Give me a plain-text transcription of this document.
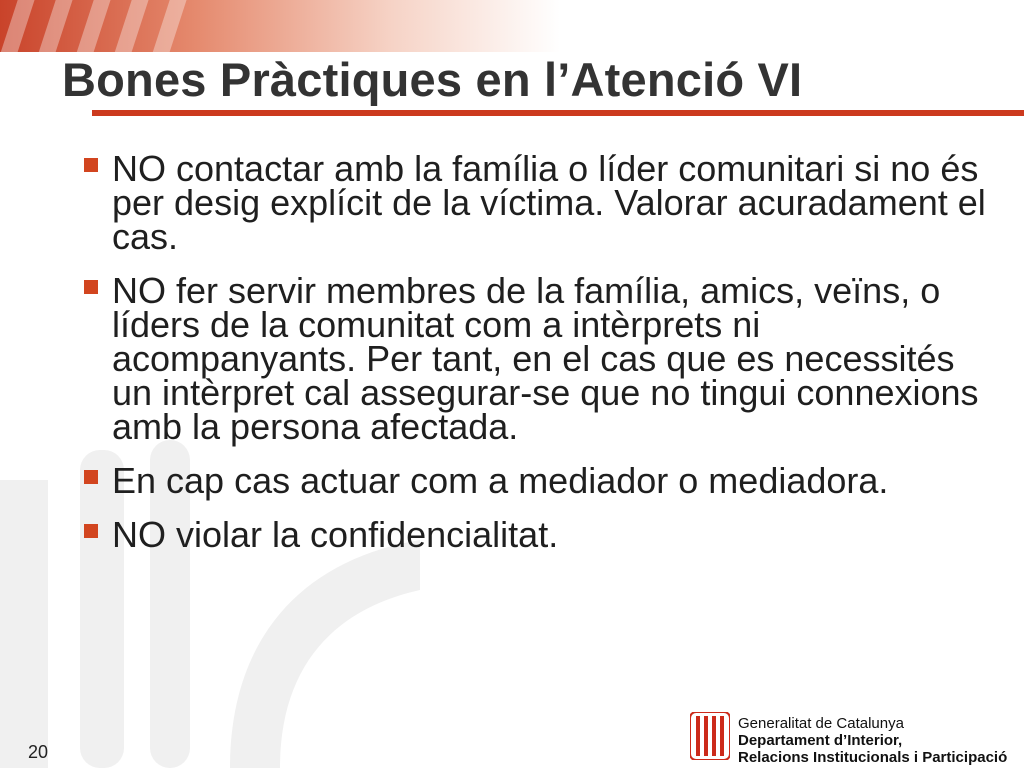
Bones Pràctiques en l’Atenció VI
NO contactar amb la família o líder comunitari si no és per desig explícit de la víctima. Valorar acuradament el cas.
NO fer servir membres de la família, amics, veïns, o líders de la comunitat com a intèrprets ni acompanyants. Per tant, en el cas que es necessités un intèrpret cal assegurar-se que no tingui connexions amb la persona afectada.
En cap cas actuar com a mediador o mediadora.
NO violar la confidencialitat.
20
Generalitat de Catalunya
Departament d’Interior,
Relacions Institucionals i Participació
